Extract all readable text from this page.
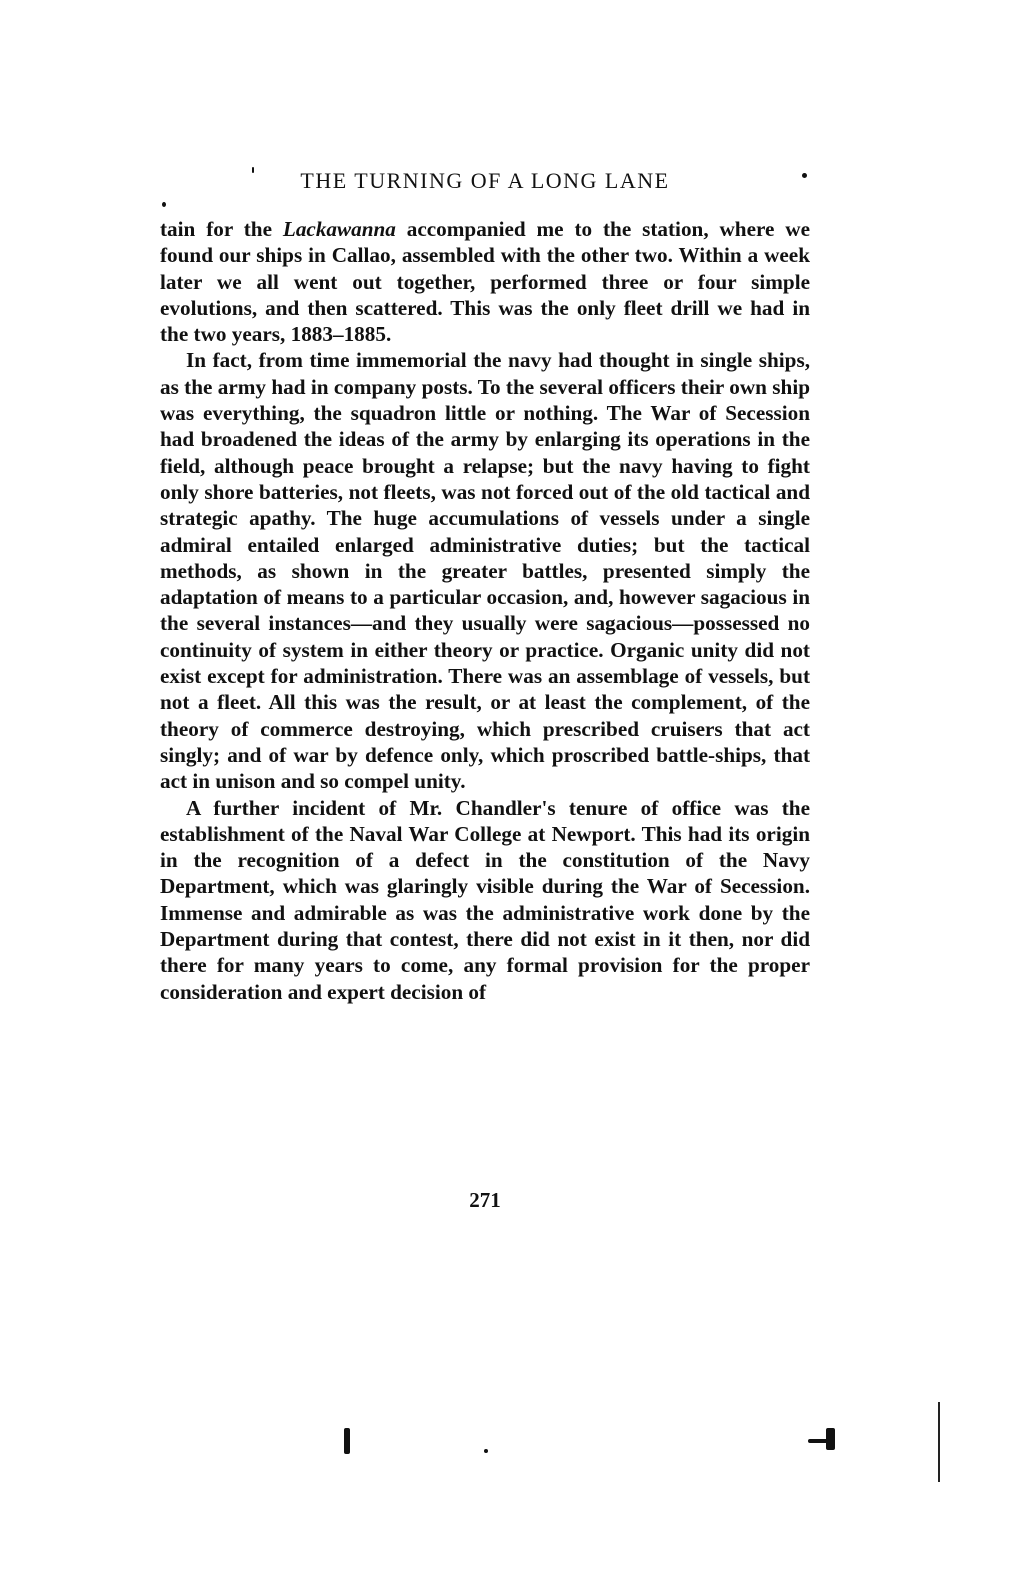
THE TURNING OF A LONG LANE

tain for the Lackawanna accompanied me to the station, where we found our ships in Callao, assembled with the other two. Within a week later we all went out together, performed three or four simple evolutions, and then scattered. This was the only fleet drill we had in the two years, 1883–1885.

In fact, from time immemorial the navy had thought in single ships, as the army had in company posts. To the several officers their own ship was everything, the squadron little or nothing. The War of Secession had broadened the ideas of the army by enlarging its operations in the field, although peace brought a relapse; but the navy having to fight only shore batteries, not fleets, was not forced out of the old tactical and strategic apathy. The huge accumulations of vessels under a single admiral entailed enlarged administrative duties; but the tactical methods, as shown in the greater battles, presented simply the adaptation of means to a particular occasion, and, however sagacious in the several instances—and they usually were sagacious—possessed no continuity of system in either theory or practice. Organic unity did not exist except for administration. There was an assemblage of vessels, but not a fleet. All this was the result, or at least the complement, of the theory of commerce destroying, which prescribed cruisers that act singly; and of war by defence only, which proscribed battle-ships, that act in unison and so compel unity.

A further incident of Mr. Chandler's tenure of office was the establishment of the Naval War College at Newport. This had its origin in the recognition of a defect in the constitution of the Navy Department, which was glaringly visible during the War of Secession. Immense and admirable as was the administrative work done by the Department during that contest, there did not exist in it then, nor did there for many years to come, any formal provision for the proper consideration and expert decision of

271
